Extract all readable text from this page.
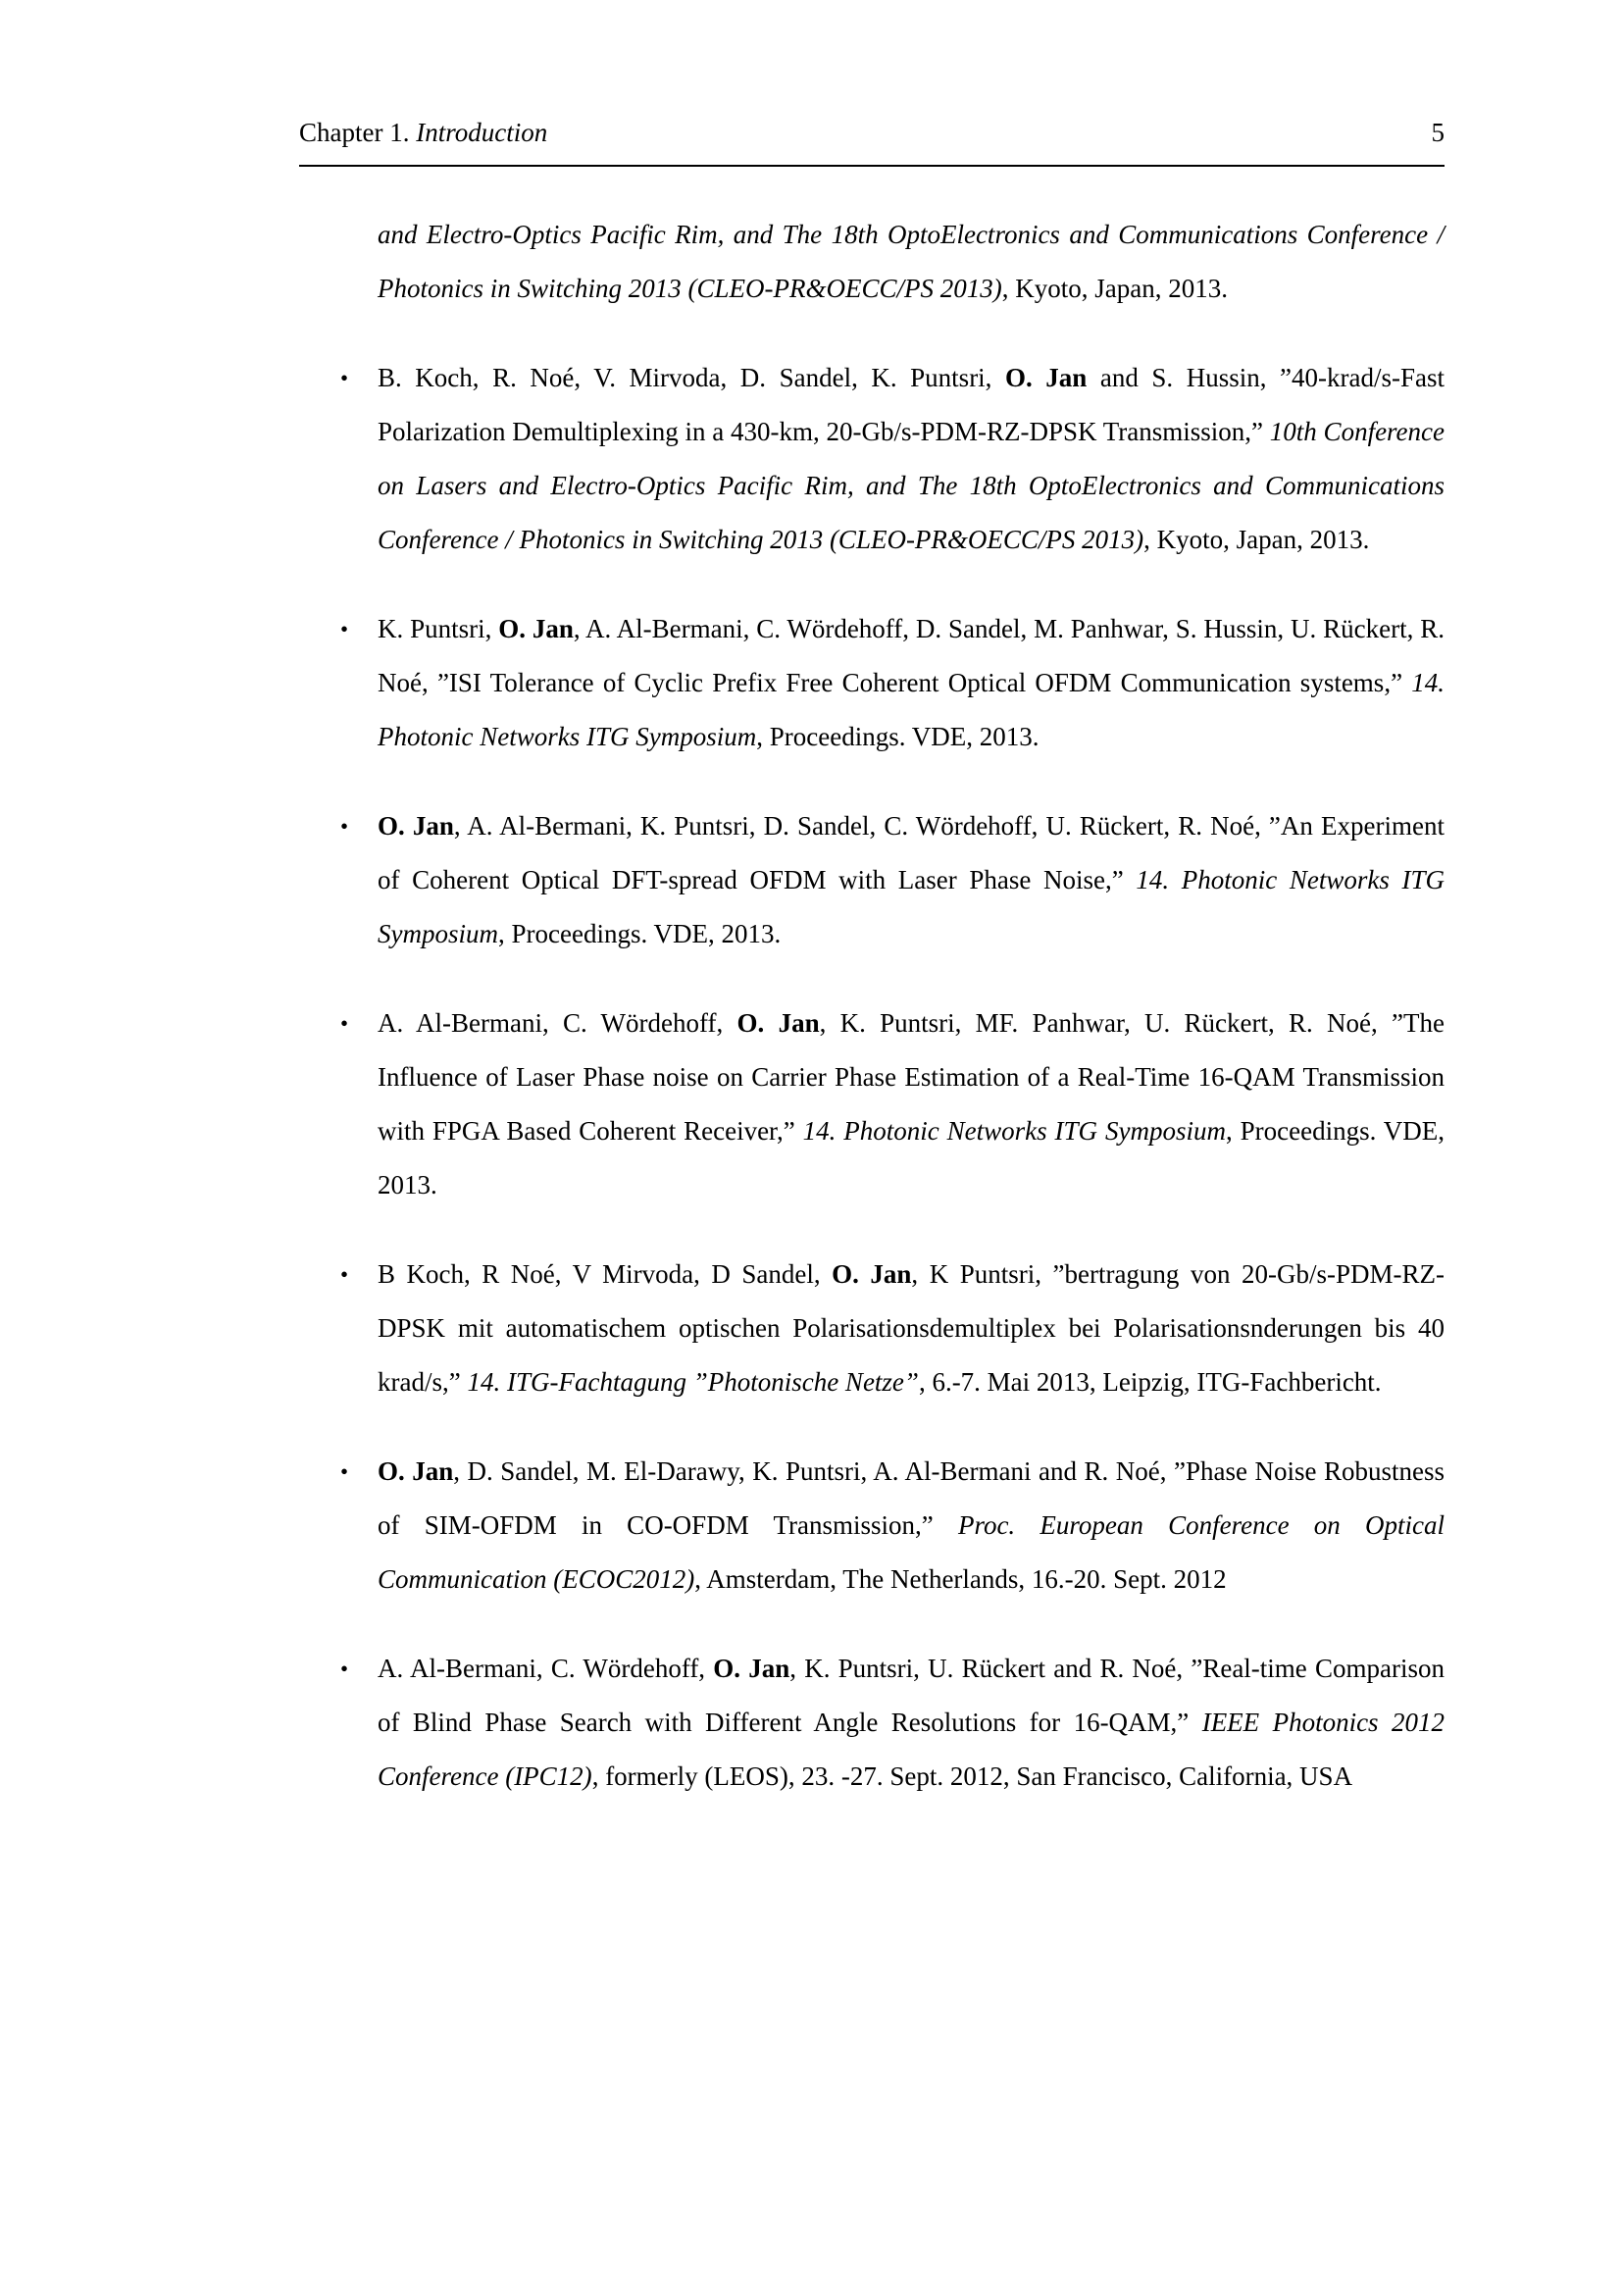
Chapter 1. Introduction	5
and Electro-Optics Pacific Rim, and The 18th OptoElectronics and Communications Conference / Photonics in Switching 2013 (CLEO-PR&OECC/PS 2013), Kyoto, Japan, 2013.
• B. Koch, R. Noé, V. Mirvoda, D. Sandel, K. Puntsri, O. Jan and S. Hussin, ”40-krad/s-Fast Polarization Demultiplexing in a 430-km, 20-Gb/s-PDM-RZ-DPSK Transmission,” 10th Conference on Lasers and Electro-Optics Pacific Rim, and The 18th OptoElectronics and Communications Conference / Photonics in Switching 2013 (CLEO-PR&OECC/PS 2013), Kyoto, Japan, 2013.
• K. Puntsri, O. Jan, A. Al-Bermani, C. Wördehoff, D. Sandel, M. Panhwar, S. Hussin, U. Rückert, R. Noé, ”ISI Tolerance of Cyclic Prefix Free Coherent Optical OFDM Communication systems,” 14. Photonic Networks ITG Symposium, Proceedings. VDE, 2013.
• O. Jan, A. Al-Bermani, K. Puntsri, D. Sandel, C. Wördehoff, U. Rückert, R. Noé, ”An Experiment of Coherent Optical DFT-spread OFDM with Laser Phase Noise,” 14. Photonic Networks ITG Symposium, Proceedings. VDE, 2013.
• A. Al-Bermani, C. Wördehoff, O. Jan, K. Puntsri, MF. Panhwar, U. Rückert, R. Noé, ”The Influence of Laser Phase noise on Carrier Phase Estimation of a Real-Time 16-QAM Transmission with FPGA Based Coherent Receiver,” 14. Photonic Networks ITG Symposium, Proceedings. VDE, 2013.
• B Koch, R Noé, V Mirvoda, D Sandel, O. Jan, K Puntsri, ”bertragung von 20-Gb/s-PDM-RZ-DPSK mit automatischem optischen Polarisationsdemultiplex bei Polarisationsnderungen bis 40 krad/s,” 14. ITG-Fachtagung ”Photonische Netze”, 6.-7. Mai 2013, Leipzig, ITG-Fachbericht.
• O. Jan, D. Sandel, M. El-Darawy, K. Puntsri, A. Al-Bermani and R. Noé, ”Phase Noise Robustness of SIM-OFDM in CO-OFDM Transmission,” Proc. European Conference on Optical Communication (ECOC2012), Amsterdam, The Netherlands, 16.-20. Sept. 2012
• A. Al-Bermani, C. Wördehoff, O. Jan, K. Puntsri, U. Rückert and R. Noé, ”Real-time Comparison of Blind Phase Search with Different Angle Resolutions for 16-QAM,” IEEE Photonics 2012 Conference (IPC12), formerly (LEOS), 23. -27. Sept. 2012, San Francisco, California, USA
